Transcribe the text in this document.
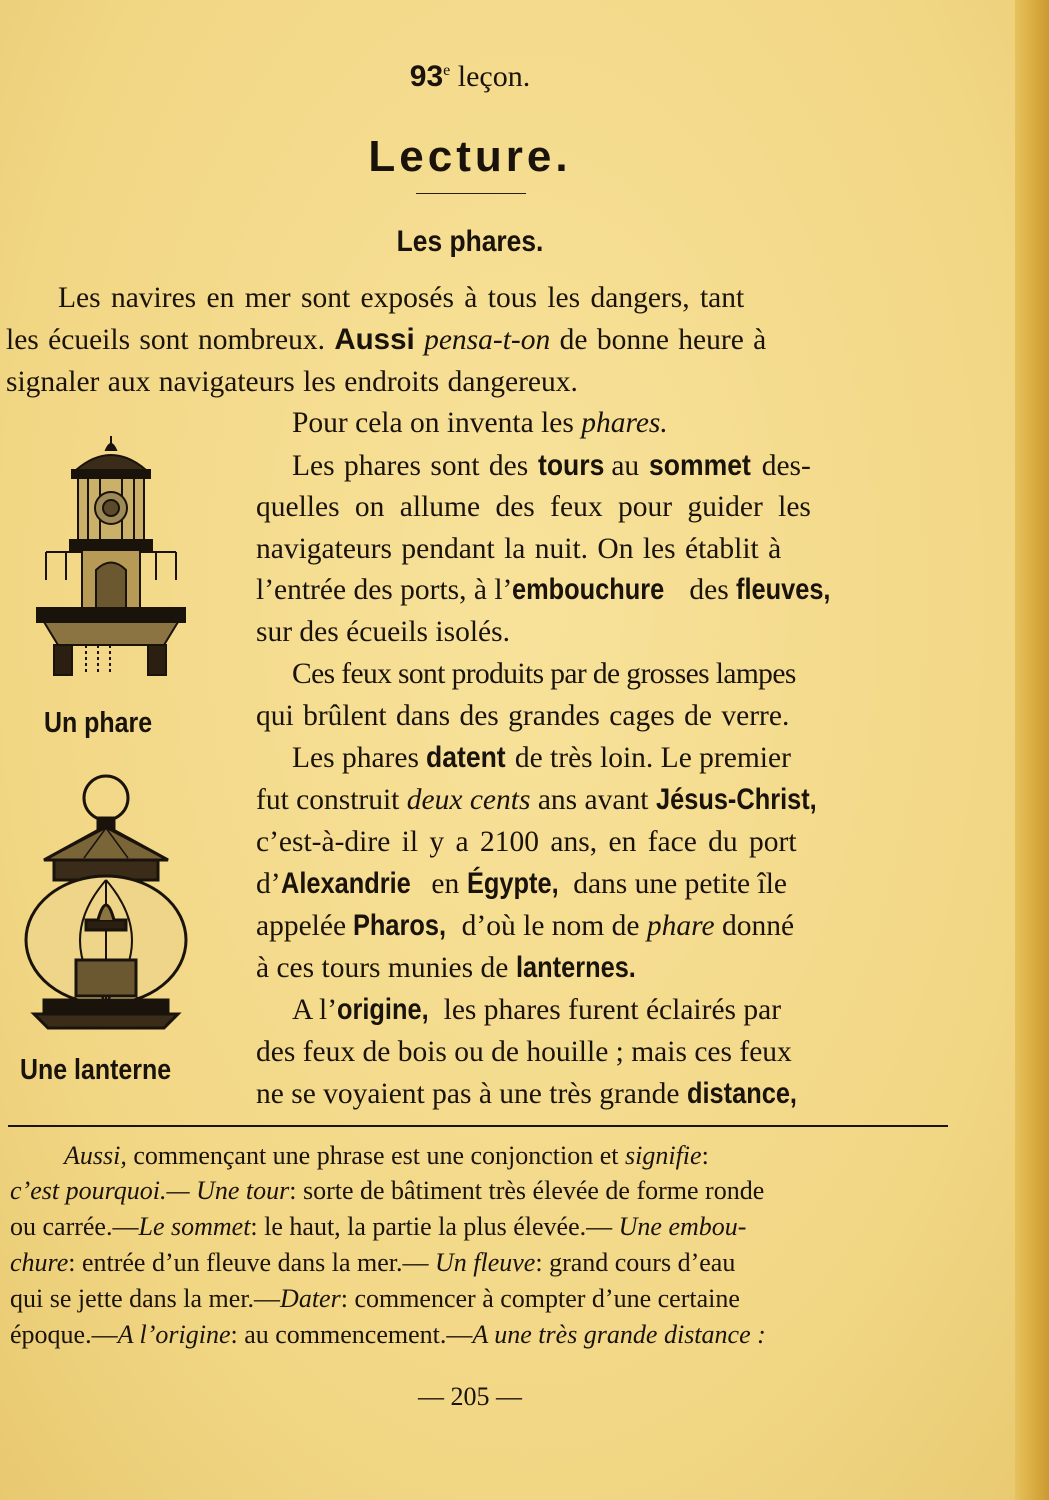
93e leçon.
Lecture.
Les phares.
Les navires en mer sont exposés à tous les dangers, tant
les écueils sont nombreux. Aussi pensa-t-on de bonne heure à
signaler aux navigateurs les endroits dangereux.
Pour cela on inventa les phares.
Les phares sont des tours au sommet des-
quelles on allume des feux pour guider les
navigateurs pendant la nuit. On les établit à
l’entrée des ports, à l’embouchure des fleuves,
sur des écueils isolés.
Ces feux sont produits par de grosses lampes
qui brûlent dans des grandes cages de verre.
Les phares datent de très loin. Le premier
fut construit deux cents ans avant Jésus-Christ,
c’est-à-dire il y a 2100 ans, en face du port
d’Alexandrie en Égypte, dans une petite île
appelée Pharos, d’où le nom de phare donné
à ces tours munies de lanternes.
A l’origine, les phares furent éclairés par
des feux de bois ou de houille ; mais ces feux
ne se voyaient pas à une très grande distance,
Un phare
Une lanterne
Aussi, commençant une phrase est une conjonction et signifie:
c’est pourquoi.— Une tour: sorte de bâtiment très élevée de forme ronde
ou carrée.—Le sommet: le haut, la partie la plus élevée.— Une embou-
chure: entrée d’un fleuve dans la mer.— Un fleuve: grand cours d’eau
qui se jette dans la mer.—Dater: commencer à compter d’une certaine
époque.—A l’origine: au commencement.—A une très grande distance :
— 205 —
